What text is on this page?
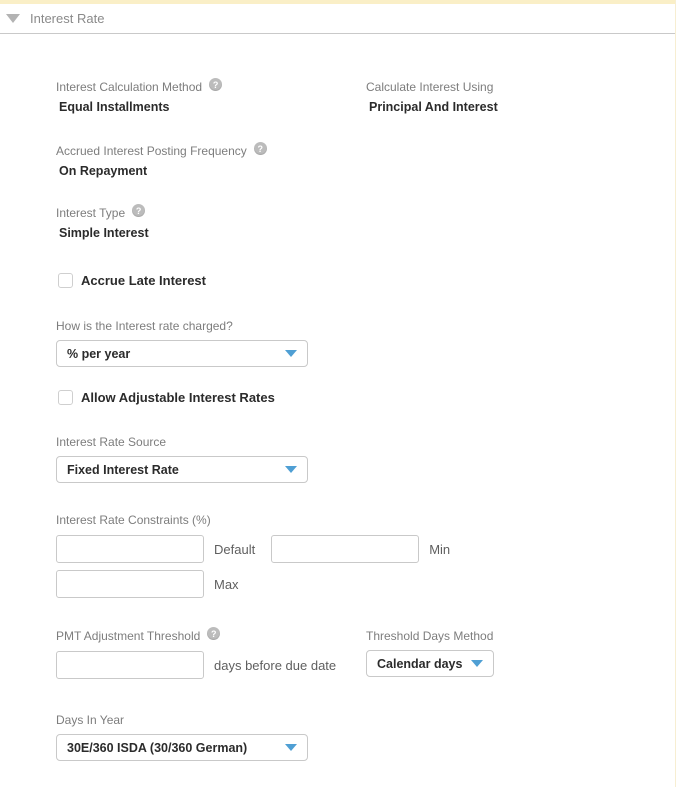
Interest Rate
Interest Calculation Method	?
Equal Installments
Calculate Interest Using
Principal And Interest
Accrued Interest Posting Frequency	?
On Repayment
Interest Type	?
Simple Interest
Accrue Late Interest
How is the Interest rate charged?
% per year
Allow Adjustable Interest Rates
Interest Rate Source
Fixed Interest Rate
Interest Rate Constraints (%)
Default	Min
Max
PMT Adjustment Threshold	?
days before due date
Threshold Days Method
Calendar days
Days In Year
30E/360 ISDA (30/360 German)
